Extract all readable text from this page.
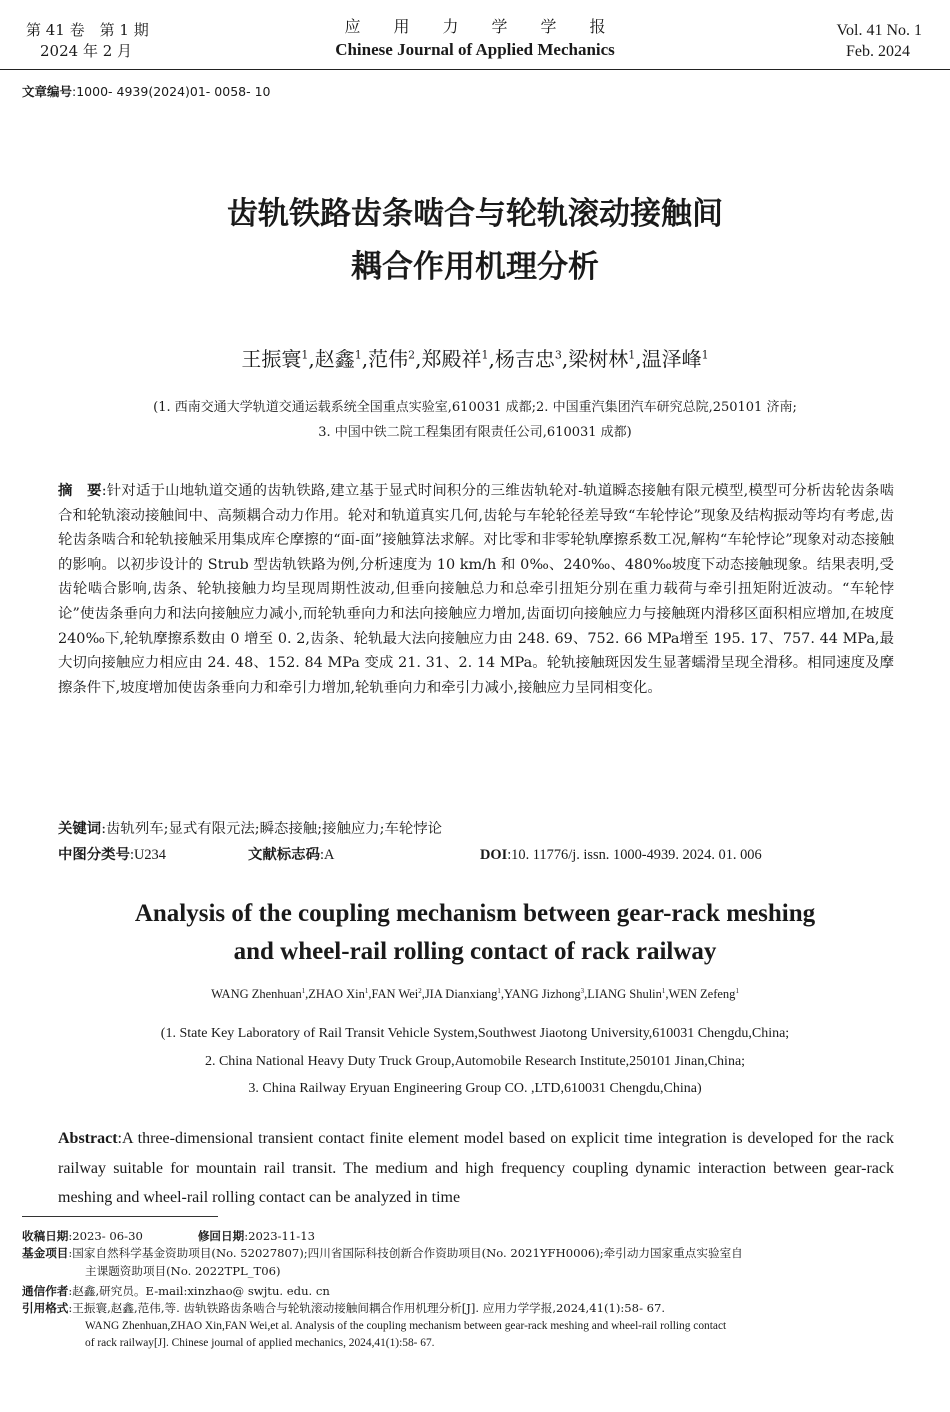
第 41 卷　第 1 期
2024 年 2 月
应用力学学报
Chinese Journal of Applied Mechanics
Vol. 41 No. 1
Feb. 2024
文章编号:1000- 4939(2024)01- 0058- 10
齿轨铁路齿条啮合与轮轨滚动接触间
耦合作用机理分析
王振寰$^1$,赵鑫$^1$,范伟$^2$,郑殿祥$^1$,杨吉忠$^3$,梁树林$^1$,温泽峰$^1$
(1. 西南交通大学轨道交通运载系统全国重点实验室,610031 成都;2. 中国重汽集团汽车研究总院,250101 济南;
3. 中国中铁二院工程集团有限责任公司,610031 成都)
摘　要:针对适于山地轨道交通的齿轨铁路,建立基于显式时间积分的三维齿轨轮对-轨道瞬态接触有限元模型,模型可分析齿轮齿条啮合和轮轨滚动接触间中、高频耦合动力作用。轮对和轨道真实几何,齿轮与车轮轮径差导致“车轮悖论”现象及结构振动等均有考虑,齿轮齿条啮合和轮轨接触采用集成库仑摩擦的“面-面”接触算法求解。对比零和非零轮轨摩擦系数工况,解构“车轮悖论”现象对动态接触的影响。以初步设计的 Strub 型齿轨铁路为例,分析速度为 10 km/h 和 0‰、240‰、480‰坡度下动态接触现象。结果表明,受齿轮啮合影响,齿条、轮轨接触力均呈现周期性波动,但垂向接触总力和总牵引扭矩分别在重力载荷与牵引扭矩附近波动。“车轮悖论”使齿条垂向力和法向接触应力减小,而轮轨垂向力和法向接触应力增加,齿面切向接触应力与接触斑内滑移区面积相应增加,在坡度 240‰下,轮轨摩擦系数由 0 增至 0. 2,齿条、轮轨最大法向接触应力由 248. 69、752. 66 MPa增至 195. 17、757. 44 MPa,最大切向接触应力相应由 24. 48、152. 84 MPa 变成 21. 31、2. 14 MPa。轮轨接触斑因发生显著蠕滑呈现全滑移。相同速度及摩擦条件下,坡度增加使齿条垂向力和牵引力增加,轮轨垂向力和牵引力减小,接触应力呈同相变化。
关键词:齿轨列车;显式有限元法;瞬态接触;接触应力;车轮悖论
中图分类号:U234	文献标志码:A	DOI:10. 11776/j. issn. 1000-4939. 2024. 01. 006
Analysis of the coupling mechanism between gear-rack meshing
and wheel-rail rolling contact of rack railway
WANG Zhenhuan$^1$,ZHAO Xin$^1$,FAN Wei$^2$,JIA Dianxiang$^1$,YANG Jizhong$^3$,LIANG Shulin$^1$,WEN Zefeng$^1$
(1. State Key Laboratory of Rail Transit Vehicle System,Southwest Jiaotong University,610031 Chengdu,China;
2. China National Heavy Duty Truck Group,Automobile Research Institute,250101 Jinan,China;
3. China Railway Eryuan Engineering Group CO. ,LTD,610031 Chengdu,China)
Abstract:A three-dimensional transient contact finite element model based on explicit time integration is developed for the rack railway suitable for mountain rail transit. The medium and high frequency coupling dynamic interaction between gear-rack meshing and wheel-rail rolling contact can be analyzed in time
收稿日期:2023- 06-30	修回日期:2023-11-13
基金项目:国家自然科学基金资助项目(No. 52027807);四川省国际科技创新合作资助项目(No. 2021YFH0006);牵引动力国家重点实验室自
主课题资助项目(No. 2022TPL_T06)
通信作者:赵鑫,研究员。E-mail:xinzhao@ swjtu. edu. cn
引用格式:王振寰,赵鑫,范伟,等. 齿轨铁路齿条啮合与轮轨滚动接触间耦合作用机理分析[J]. 应用力学学报,2024,41(1):58- 67.
WANG Zhenhuan,ZHAO Xin,FAN Wei,et al. Analysis of the coupling mechanism between gear-rack meshing and wheel-rail rolling contact
of rack railway[J]. Chinese journal of applied mechanics, 2024,41(1):58- 67.
